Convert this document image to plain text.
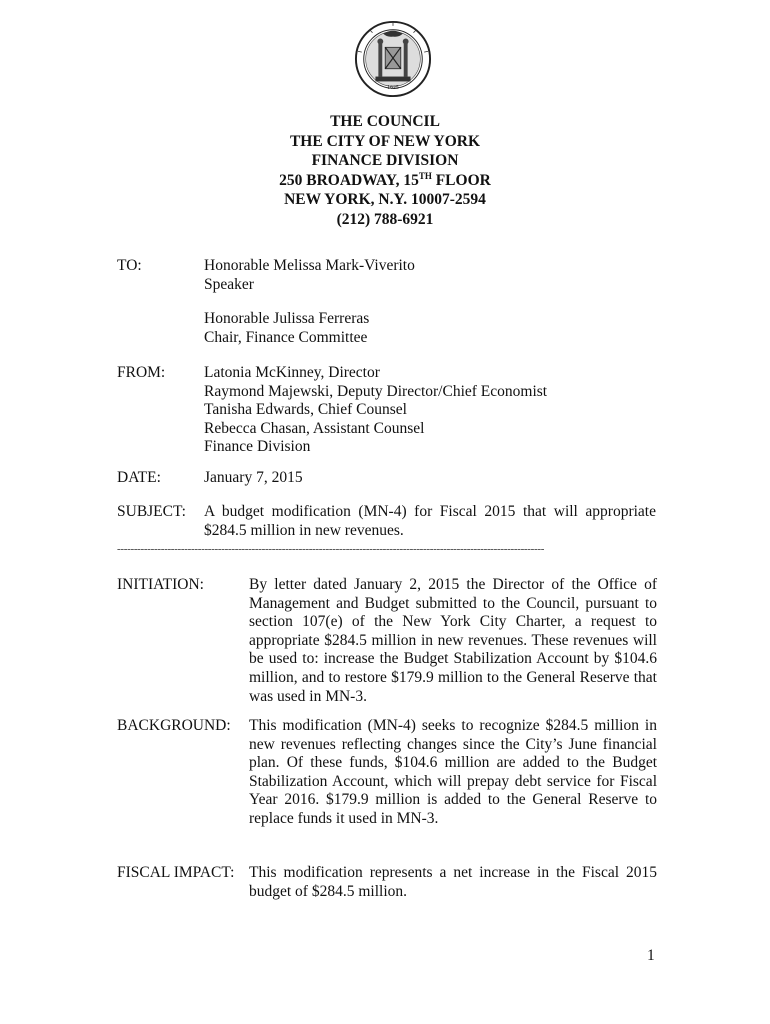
1625
THE COUNCIL
THE CITY OF NEW YORK
FINANCE DIVISION
250 BROADWAY, 15TH FLOOR
NEW YORK, N.Y. 10007-2594
(212) 788-6921
TO:	Honorable Melissa Mark-Viverito
Speaker
Honorable Julissa Ferreras
Chair, Finance Committee
FROM:	Latonia McKinney, Director
Raymond Majewski, Deputy Director/Chief Economist
Tanisha Edwards, Chief Counsel
Rebecca Chasan, Assistant Counsel
Finance Division
DATE:	January 7, 2015
SUBJECT: A budget modification (MN-4) for Fiscal 2015 that will appropriate $284.5 million in new revenues.
-------------------------------------------------------------------------------------------------------------------------------
INITIATION:	By letter dated January 2, 2015 the Director of the Office of Management and Budget submitted to the Council, pursuant to section 107(e) of the New York City Charter, a request to appropriate $284.5 million in new revenues. These revenues will be used to: increase the Budget Stabilization Account by $104.6 million, and to restore $179.9 million to the General Reserve that was used in MN-3.
BACKGROUND: This modification (MN-4) seeks to recognize $284.5 million in new revenues reflecting changes since the City’s June financial plan. Of these funds, $104.6 million are added to the Budget Stabilization Account, which will prepay debt service for Fiscal Year 2016. $179.9 million is added to the General Reserve to replace funds it used in MN-3.
FISCAL IMPACT: This modification represents a net increase in the Fiscal 2015 budget of $284.5 million.
1
